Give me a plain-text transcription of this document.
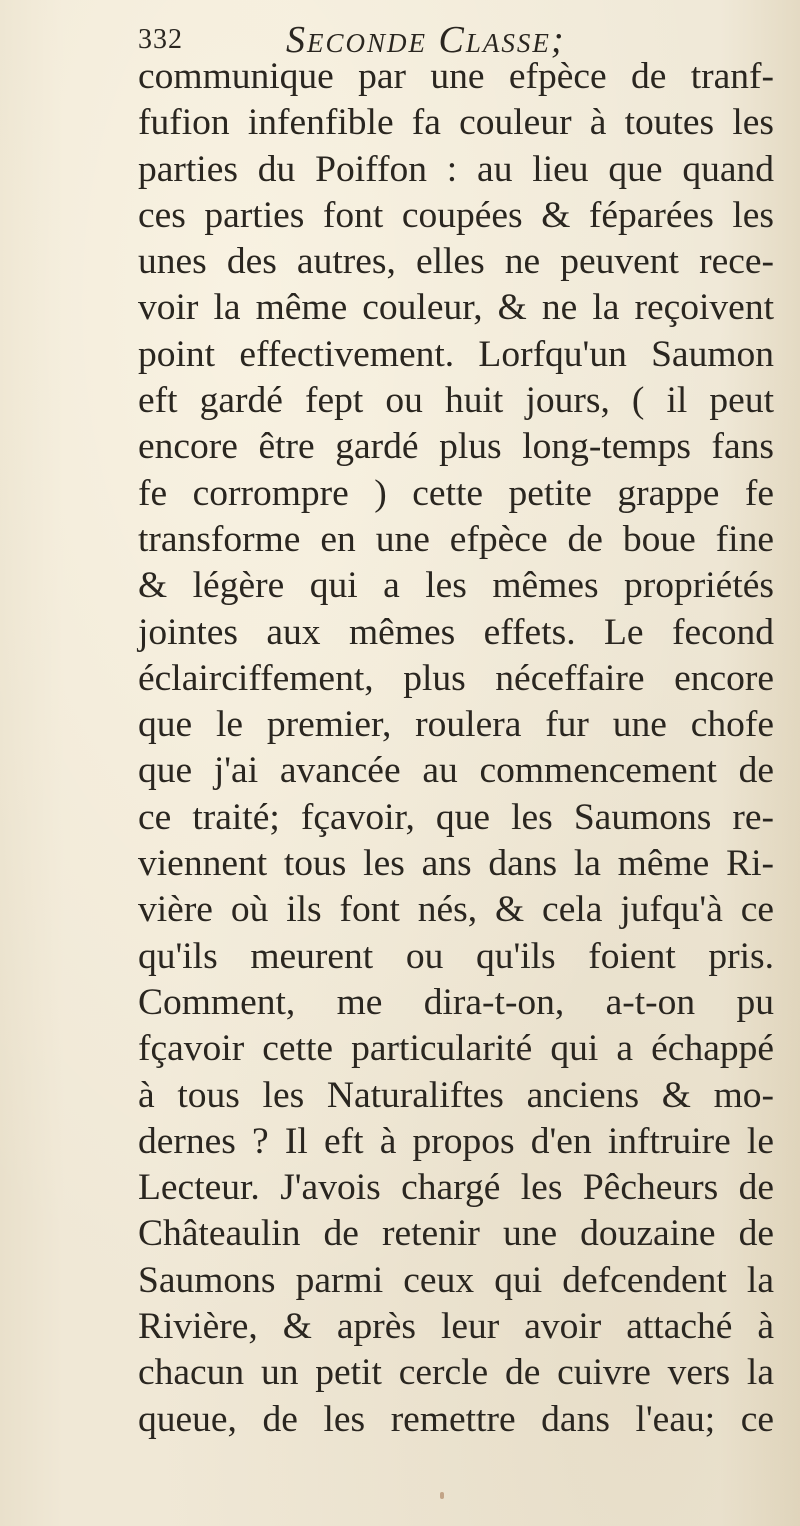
332	Seconde Classe;
communique par une efpèce de tranf-
fufion infenfible fa couleur à toutes les
parties du Poiffon : au lieu que quand
ces parties font coupées & féparées les
unes des autres, elles ne peuvent rece-
voir la même couleur, & ne la reçoivent
point effectivement. Lorfqu'un Saumon
eft gardé fept ou huit jours, ( il peut
encore être gardé plus long-temps fans
fe corrompre ) cette petite grappe fe
transforme en une efpèce de boue fine
& légère qui a les mêmes propriétés
jointes aux mêmes effets. Le fecond
éclairciffement, plus néceffaire encore
que le premier, roulera fur une chofe
que j'ai avancée au commencement de
ce traité; fçavoir, que les Saumons re-
viennent tous les ans dans la même Ri-
vière où ils font nés, & cela jufqu'à ce
qu'ils meurent ou qu'ils foient pris.
Comment, me dira-t-on, a-t-on pu
fçavoir cette particularité qui a échappé
à tous les Naturaliftes anciens & mo-
dernes ? Il eft à propos d'en inftruire le
Lecteur. J'avois chargé les Pêcheurs de
Châteaulin de retenir une douzaine de
Saumons parmi ceux qui defcendent la
Rivière, & après leur avoir attaché à
chacun un petit cercle de cuivre vers la
queue, de les remettre dans l'eau; ce
